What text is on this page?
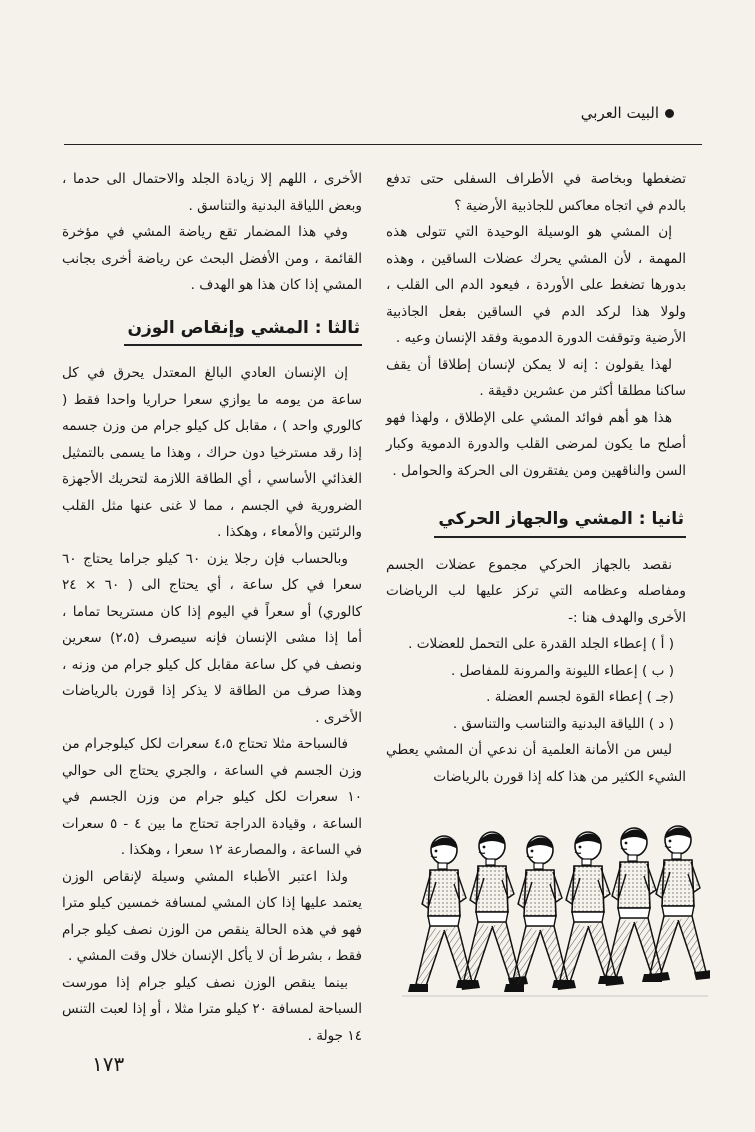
البيت العربي

تضغطها وبخاصة في الأطراف السفلى حتى تدفع بالدم في اتجاه معاكس للجاذبية الأرضية ؟

إن المشي هو الوسيلة الوحيدة التي تتولى هذه المهمة ، لأن المشي يحرك عضلات الساقين ، وهذه بدورها تضغط على الأوردة ، فيعود الدم الى القلب ، ولولا هذا لركد الدم في الساقين بفعل الجاذبية الأرضية وتوقفت الدورة الدموية وفقد الإنسان وعيه .

لهذا يقولون : إنه لا يمكن لإنسان إطلاقا أن يقف ساكنا مطلقا أكثر من عشرين دقيقة .

هذا هو أهم فوائد المشي على الإطلاق ، ولهذا فهو أصلح ما يكون لمرضى القلب والدورة الدموية وكبار السن والناقهين ومن يفتقرون الى الحركة والحوامل .

ثانيا : المشي والجهاز الحركي

نقصد بالجهاز الحركي مجموع عضلات الجسم ومفاصله وعظامه التي تركز عليها لب الرياضات الأخرى والهدف هنا :-

( أ ) إعطاء الجلد القدرة على التحمل للعضلات .

( ب ) إعطاء الليونة والمرونة للمفاصل .

(جـ ) إعطاء القوة لجسم العضلة .

( د ) اللياقة البدنية والتناسب والتناسق .

ليس من الأمانة العلمية أن ندعي أن المشي يعطي الشيء الكثير من هذا كله إذا قورن بالرياضات

الأخرى ، اللهم إلا زيادة الجلد والاحتمال الى حدما ، وبعض اللياقة البدنية والتناسق .

وفي هذا المضمار تقع رياضة المشي في مؤخرة القائمة ، ومن الأفضل البحث عن رياضة أخرى بجانب المشي إذا كان هذا هو الهدف .

ثالثا : المشي وإنقاص الوزن

إن الإنسان العادي البالغ المعتدل يحرق في كل ساعة من يومه ما يوازي سعرا حراريا واحدا فقط ( كالوري واحد ) ، مقابل كل كيلو جرام من وزن جسمه إذا رقد مسترخيا دون حراك ، وهذا ما يسمى بالتمثيل الغذائي الأساسي ، أي الطاقة اللازمة لتحريك الأجهزة الضرورية في الجسم ، مما لا غنى عنها مثل القلب والرئتين والأمعاء ، وهكذا .

وبالحساب فإن رجلا يزن ٦٠ كيلو جراما يحتاج ٦٠ سعرا في كل ساعة ، أي يحتاج الى ( ٦٠ × ٢٤ كالوري) أو سعراً في اليوم إذا كان مستريحا تماما ، أما إذا مشى الإنسان فإنه سيصرف (٢،٥) سعرين ونصف في كل ساعة مقابل كل كيلو جرام من وزنه ، وهذا صرف من الطاقة لا يذكر إذا قورن بالرياضات الأخرى .

فالسباحة مثلا تحتاج ٤،٥ سعرات لكل كيلوجرام من وزن الجسم في الساعة ، والجري يحتاج الى حوالي ١٠ سعرات لكل كيلو جرام من وزن الجسم في الساعة ، وقيادة الدراجة تحتاج ما بين ٤ - ٥ سعرات في الساعة ، والمصارعة ١٢ سعرا ، وهكذا .

ولذا اعتبر الأطباء المشي وسيلة لإنقاص الوزن يعتمد عليها إذا كان المشي لمسافة خمسين كيلو مترا فهو في هذه الحالة ينقص من الوزن نصف كيلو جرام فقط ، بشرط أن لا يأكل الإنسان خلال وقت المشي .

بينما ينقص الوزن نصف كيلو جرام إذا مورست السباحة لمسافة ٢٠ كيلو مترا مثلا ، أو إذا لعبت التنس ١٤ جولة .

١٧٣
